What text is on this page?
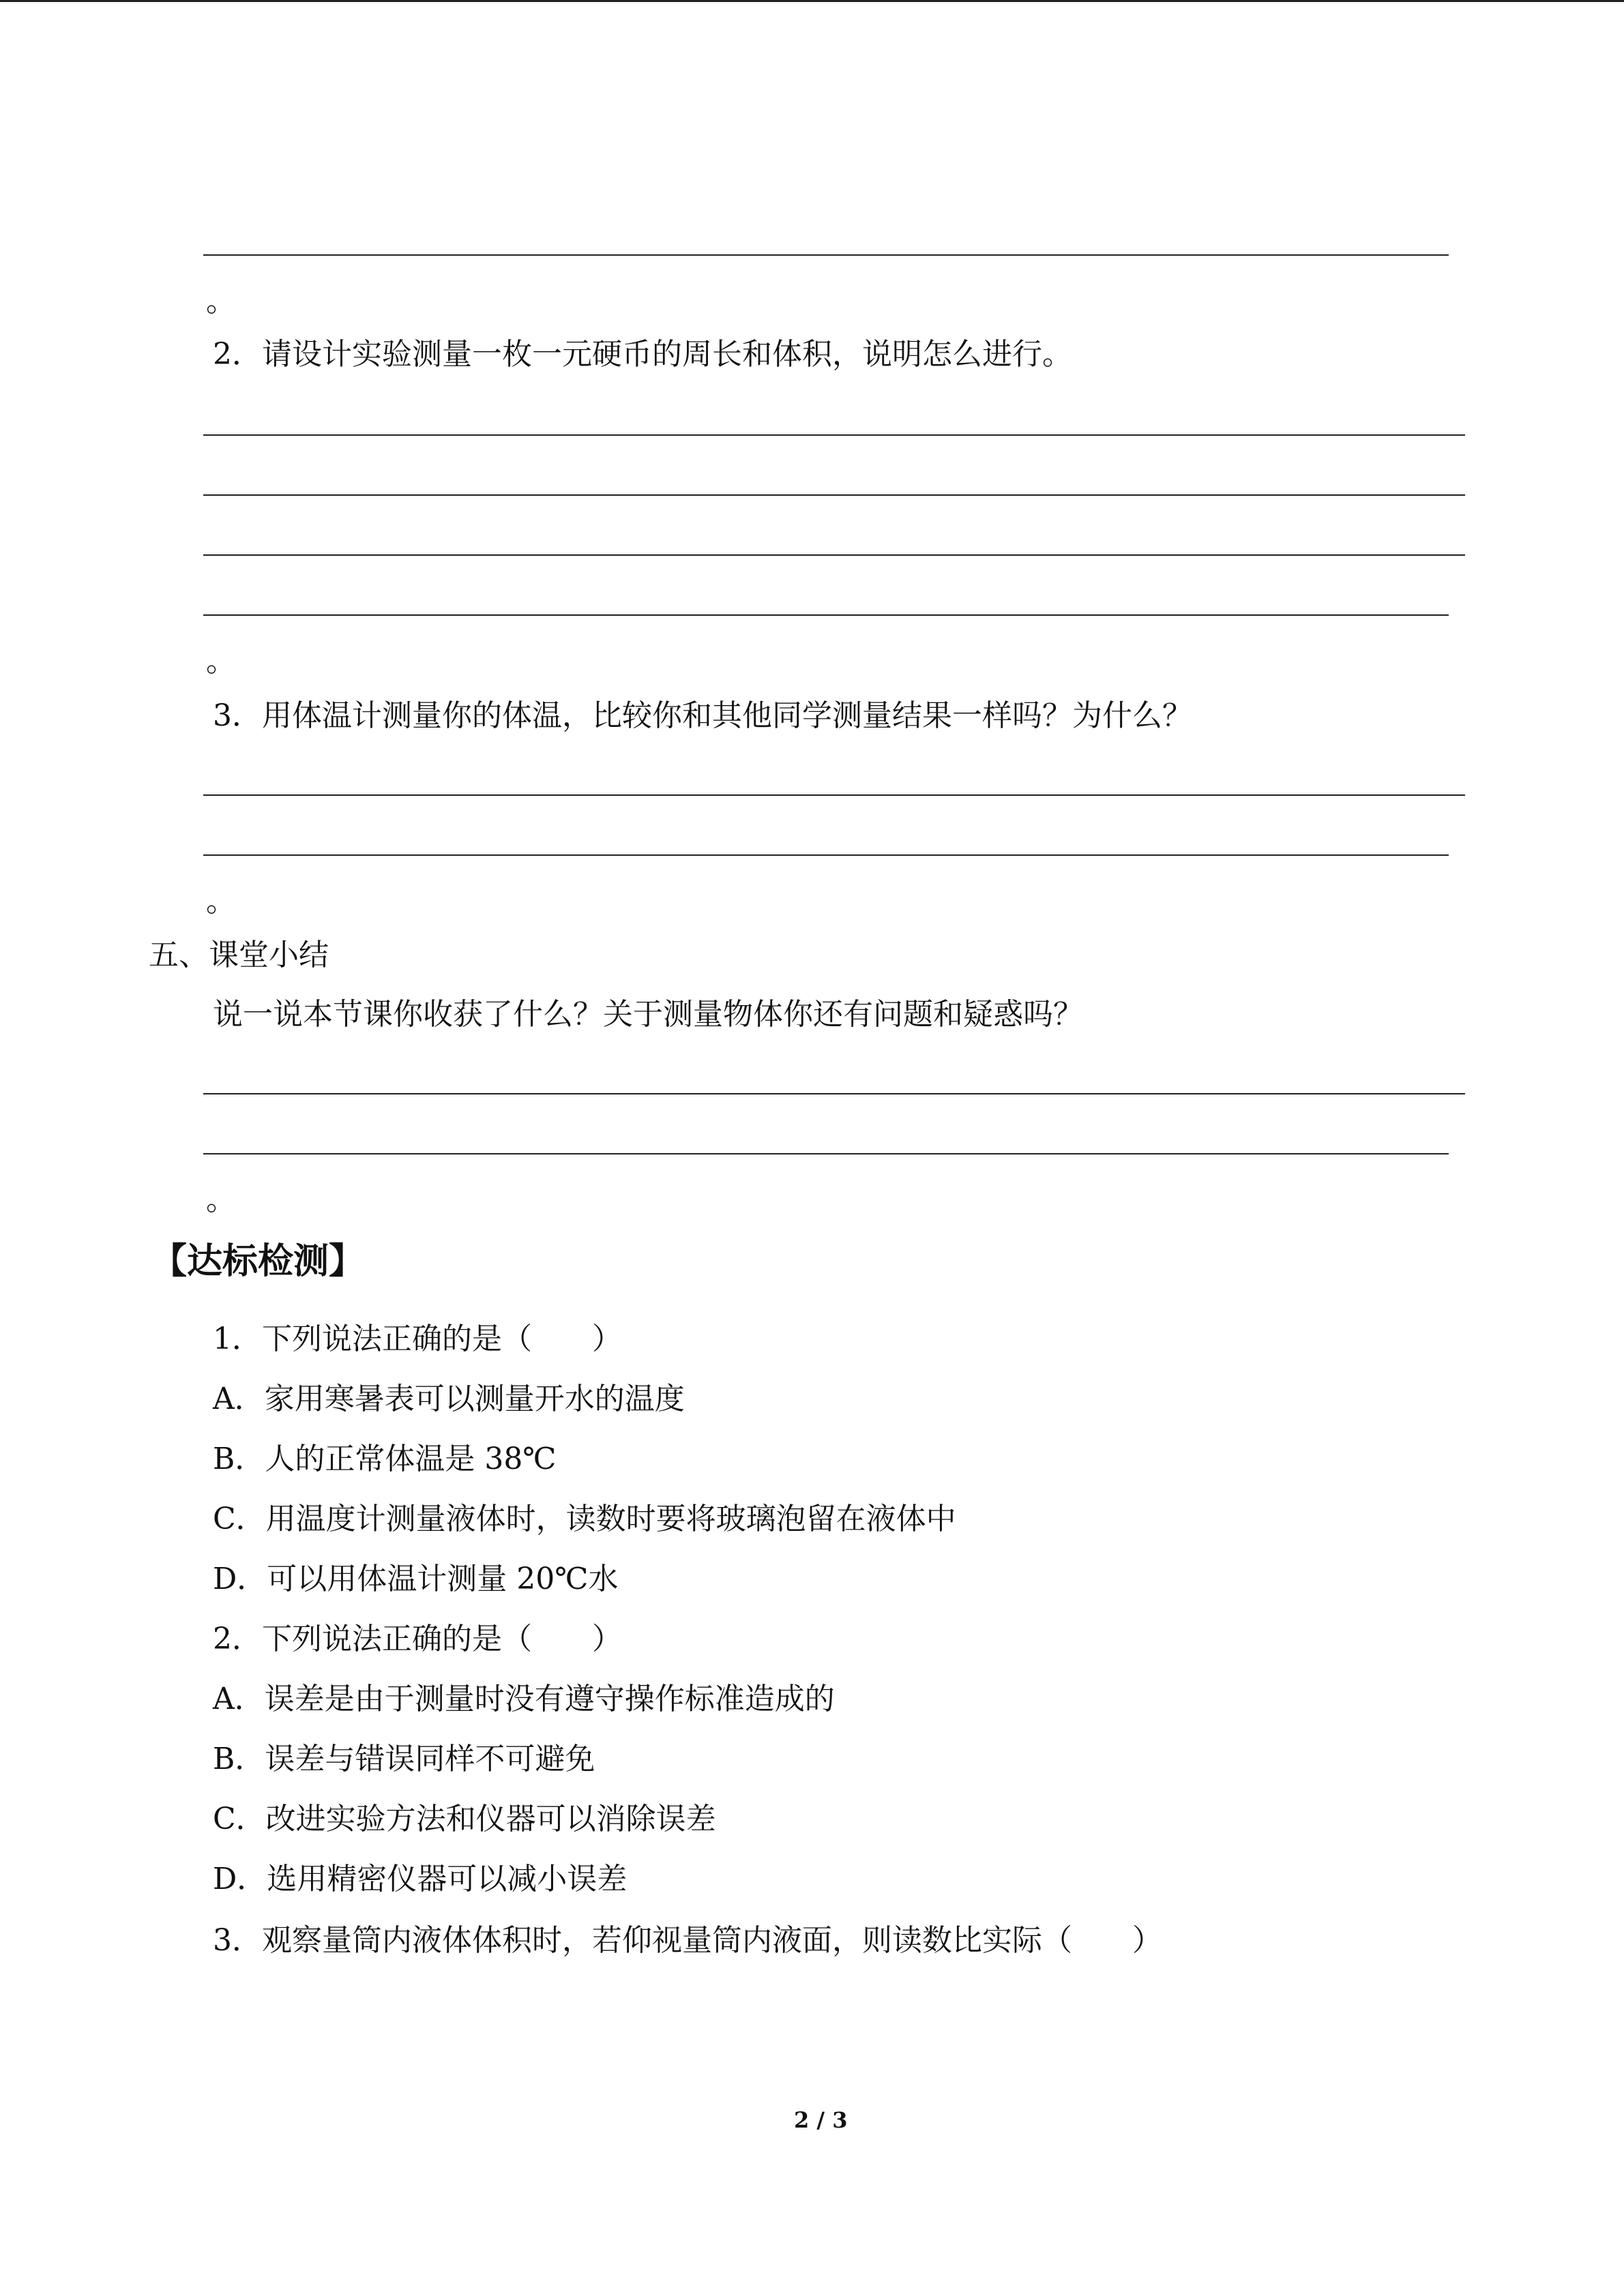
。
2．请设计实验测量一枚一元硬币的周长和体积，说明怎么进行。
。
3．用体温计测量你的体温，比较你和其他同学测量结果一样吗？为什么？
。
五、课堂小结
说一说本节课你收获了什么？关于测量物体你还有问题和疑惑吗？
。
【达标检测】
1．下列说法正确的是（　　）
A．家用寒暑表可以测量开水的温度
B．人的正常体温是 38℃
C．用温度计测量液体时，读数时要将玻璃泡留在液体中
D．可以用体温计测量 20℃水
2．下列说法正确的是（　　）
A．误差是由于测量时没有遵守操作标准造成的
B．误差与错误同样不可避免
C．改进实验方法和仪器可以消除误差
D．选用精密仪器可以减小误差
3．观察量筒内液体体积时，若仰视量筒内液面，则读数比实际（　　）
2 / 3
